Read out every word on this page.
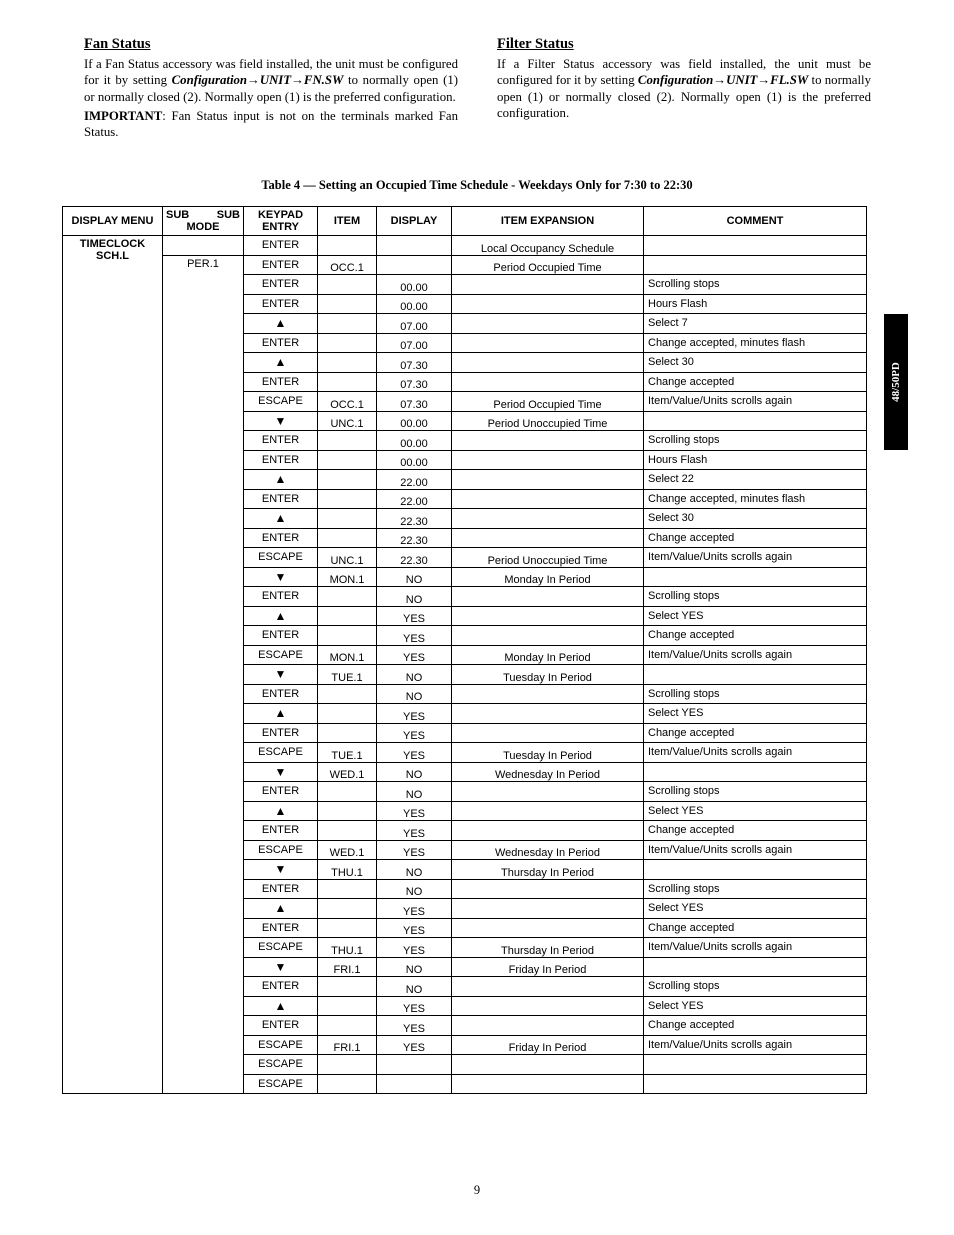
Fan Status

If a Fan Status accessory was field installed, the unit must be configured for it by setting Configuration→UNIT→FN.SW to normally open (1) or normally closed (2). Normally open (1) is the preferred configuration.

IMPORTANT: Fan Status input is not on the terminals marked Fan Status.

Filter Status

If a Filter Status accessory was field installed, the unit must be configured for it by setting Configuration→UNIT→FL.SW to normally open (1) or normally closed (2). Normally open (1) is the preferred configuration.

Table 4 — Setting an Occupied Time Schedule - Weekdays Only for 7:30 to 22:30
DISPLAY MENU	SUB SUB
MODE	KEYPAD ENTRY	ITEM	DISPLAY	ITEM EXPANSION	COMMENT
TIMECLOCK SCH.L		ENTER			Local Occupancy Schedule	
	PER.1	ENTER	OCC.1		Period Occupied Time	
		ENTER		00.00		Scrolling stops
		ENTER		00.00		Hours Flash
		▲		07.00		Select 7
		ENTER		07.00		Change accepted, minutes flash
		▲		07.30		Select 30
		ENTER		07.30		Change accepted
		ESCAPE	OCC.1	07.30	Period Occupied Time	Item/Value/Units scrolls again
		▼	UNC.1	00.00	Period Unoccupied Time	
		ENTER		00.00		Scrolling stops
		ENTER		00.00		Hours Flash
		▲		22.00		Select 22
		ENTER		22.00		Change accepted, minutes flash
		▲		22.30		Select 30
		ENTER		22.30		Change accepted
		ESCAPE	UNC.1	22.30	Period Unoccupied Time	Item/Value/Units scrolls again
		▼	MON.1	NO	Monday In Period	
		ENTER		NO		Scrolling stops
		▲		YES		Select YES
		ENTER		YES		Change accepted
		ESCAPE	MON.1	YES	Monday In Period	Item/Value/Units scrolls again
		▼	TUE.1	NO	Tuesday In Period	
		ENTER		NO		Scrolling stops
		▲		YES		Select YES
		ENTER		YES		Change accepted
		ESCAPE	TUE.1	YES	Tuesday In Period	Item/Value/Units scrolls again
		▼	WED.1	NO	Wednesday In Period	
		ENTER		NO		Scrolling stops
		▲		YES		Select YES
		ENTER		YES		Change accepted
		ESCAPE	WED.1	YES	Wednesday In Period	Item/Value/Units scrolls again
		▼	THU.1	NO	Thursday In Period	
		ENTER		NO		Scrolling stops
		▲		YES		Select YES
		ENTER		YES		Change accepted
		ESCAPE	THU.1	YES	Thursday In Period	Item/Value/Units scrolls again
		▼	FRI.1	NO	Friday In Period	
		ENTER		NO		Scrolling stops
		▲		YES		Select YES
		ENTER		YES		Change accepted
		ESCAPE	FRI.1	YES	Friday In Period	Item/Value/Units scrolls again
		ESCAPE				
		ESCAPE				
48/50PD
9
